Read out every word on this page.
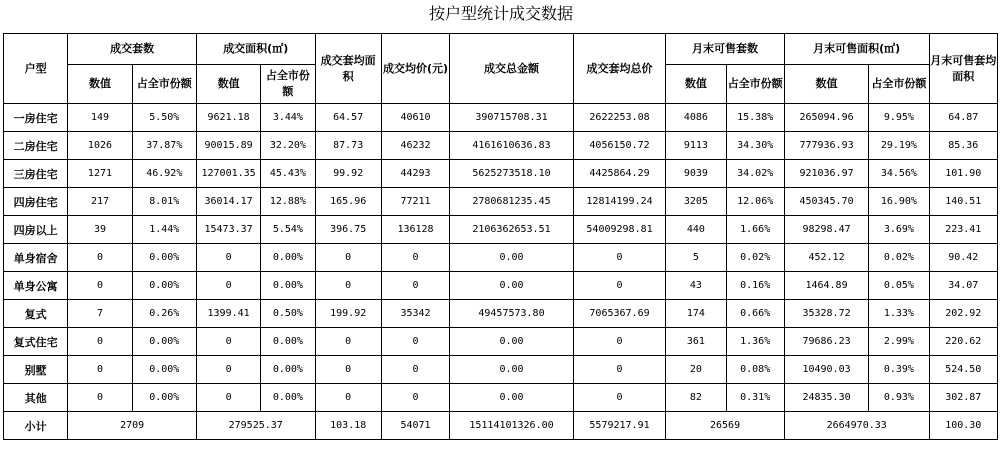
按户型统计成交数据
户型	成交套数		成交面积(㎡)		成交套均面积	成交均价(元)	成交总金额	成交套均总价	月末可售套数		月末可售面积(㎡)		月末可售套均面积
	数值	占全市份额	数值	占全市份额					数值	占全市份额	数值	占全市份额	
一房住宅	149	5.50%	9621.18	3.44%	64.57	40610	390715708.31	2622253.08	4086	15.38%	265094.96	9.95%	64.87
二房住宅	1026	37.87%	90015.89	32.20%	87.73	46232	4161610636.83	4056150.72	9113	34.30%	777936.93	29.19%	85.36
三房住宅	1271	46.92%	127001.35	45.43%	99.92	44293	5625273518.10	4425864.29	9039	34.02%	921036.97	34.56%	101.90
四房住宅	217	8.01%	36014.17	12.88%	165.96	77211	2780681235.45	12814199.24	3205	12.06%	450345.70	16.90%	140.51
四房以上	39	1.44%	15473.37	5.54%	396.75	136128	2106362653.51	54009298.81	440	1.66%	98298.47	3.69%	223.41
单身宿舍	0	0.00%	0	0.00%	0	0	0.00	0	5	0.02%	452.12	0.02%	90.42
单身公寓	0	0.00%	0	0.00%	0	0	0.00	0	43	0.16%	1464.89	0.05%	34.07
复式	7	0.26%	1399.41	0.50%	199.92	35342	49457573.80	7065367.69	174	0.66%	35328.72	1.33%	202.92
复式住宅	0	0.00%	0	0.00%	0	0	0.00	0	361	1.36%	79686.23	2.99%	220.62
别墅	0	0.00%	0	0.00%	0	0	0.00	0	20	0.08%	10490.03	0.39%	524.50
其他	0	0.00%	0	0.00%	0	0	0.00	0	82	0.31%	24835.30	0.93%	302.87
小计	2709		279525.37		103.18	54071	15114101326.00	5579217.91	26569		2664970.33		100.30
